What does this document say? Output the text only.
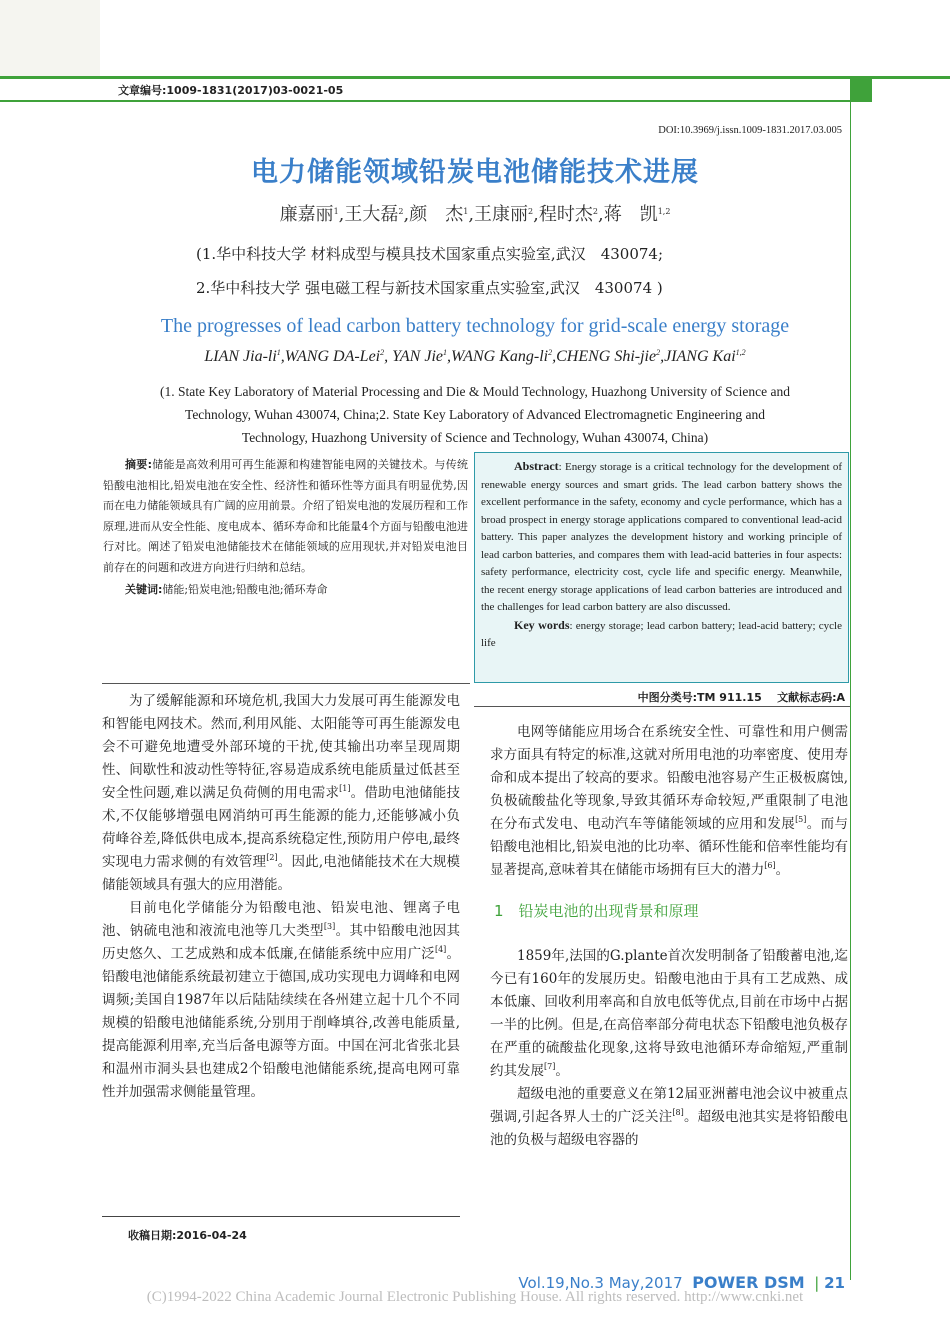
文章编号:1009-1831(2017)03-0021-05
DOI:10.3969/j.issn.1009-1831.2017.03.005
电力储能领域铅炭电池储能技术进展
廉嘉丽$^1$,王大磊$^2$,颜　杰$^1$,王康丽$^2$,程时杰$^2$,蒋　凯$^{1,2}$
(1.华中科技大学 材料成型与模具技术国家重点实验室,武汉　430074;
2.华中科技大学 强电磁工程与新技术国家重点实验室,武汉　430074 )
The progresses of lead carbon battery technology for grid-scale energy storage
LIAN Jia-$li^1,WANG$ DA-Lei$^2$, YAN Jie$^1$,WANG Kang-$li^2,CHENG$ Shi-jie$^2$,JIANG Kai$^{1,2}$
(1. State Key Laboratory of Material Processing and Die & Mould Technology, Huazhong University of Science and
Technology, Wuhan 430074, China;2. State Key Laboratory of Advanced Electromagnetic Engineering and
Technology, Huazhong University of Science and Technology, Wuhan 430074, China)
摘要:储能是高效利用可再生能源和构建智能电网的关键技术。与传统铅酸电池相比,铅炭电池在安全性、经济性和循环性等方面具有明显优势,因而在电力储能领域具有广阔的应用前景。介绍了铅炭电池的发展历程和工作原理,进而从安全性能、度电成本、循环寿命和比能量4个方面与铅酸电池进行对比。阐述了铅炭电池储能技术在储能领域的应用现状,并对铅炭电池目前存在的问题和改进方向进行归纳和总结。
关键词:储能;铅炭电池;铅酸电池;循环寿命
Abstract: Energy storage is a critical technology for the development of renewable energy sources and smart grids. The lead carbon battery shows the excellent performance in the safety, economy and cycle performance, which has a broad prospect in energy storage applications compared to conventional lead-acid battery. This paper analyzes the development history and working principle of lead carbon batteries, and compares them with lead-acid batteries in four aspects: safety performance, electricity cost, cycle life and specific energy. Meanwhile, the recent energy storage applications of lead carbon batteries are introduced and the challenges for lead carbon battery are also discussed.
Key words: energy storage; lead carbon battery; lead-acid battery; cycle life
中图分类号:TM 911.15 文献标志码:A

为了缓解能源和环境危机,我国大力发展可再生能源发电和智能电网技术。然而,利用风能、太阳能等可再生能源发电会不可避免地遭受外部环境的干扰,使其输出功率呈现周期性、间歇性和波动性等特征,容易造成系统电能质量过低甚至安全性问题,难以满足负荷侧的用电需求[1]。借助电池储能技术,不仅能够增强电网消纳可再生能源的能力,还能够减小负荷峰谷差,降低供电成本,提高系统稳定性,预防用户停电,最终实现电力需求侧的有效管理[2]。因此,电池储能技术在大规模储能领域具有强大的应用潜能。

目前电化学储能分为铅酸电池、铅炭电池、锂离子电池、钠硫电池和液流电池等几大类型[3]。其中铅酸电池因其历史悠久、工艺成熟和成本低廉,在储能系统中应用广泛[4]。铅酸电池储能系统最初建立于德国,成功实现电力调峰和电网调频;美国自1987年以后陆陆续续在各州建立起十几个不同规模的铅酸电池储能系统,分别用于削峰填谷,改善电能质量,提高能源利用率,充当后备电源等方面。中国在河北省张北县和温州市洞头县也建成2个铅酸电池储能系统,提高电网可靠性并加强需求侧能量管理。

收稿日期:2016-04-24

电网等储能应用场合在系统安全性、可靠性和用户侧需求方面具有特定的标准,这就对所用电池的功率密度、使用寿命和成本提出了较高的要求。铅酸电池容易产生正极板腐蚀,负极硫酸盐化等现象,导致其循环寿命较短,严重限制了电池在分布式发电、电动汽车等储能领域的应用和发展[5]。而与铅酸电池相比,铅炭电池的比功率、循环性能和倍率性能均有显著提高,意味着其在储能市场拥有巨大的潜力[6]。

1　铅炭电池的出现背景和原理

1859年,法国的G.plante首次发明制备了铅酸蓄电池,迄今已有160年的发展历史。铅酸电池由于具有工艺成熟、成本低廉、回收利用率高和自放电低等优点,目前在市场中占据一半的比例。但是,在高倍率部分荷电状态下铅酸电池负极存在严重的硫酸盐化现象,这将导致电池循环寿命缩短,严重制约其发展[7]。

超级电池的重要意义在第12届亚洲蓄电池会议中被重点强调,引起各界人士的广泛关注[8]。超级电池其实是将铅酸电池的负极与超级电容器的

Vol.19,No.3 May,2017 POWER DSM | 21
(C)1994-2022 China Academic Journal Electronic Publishing House. All rights reserved. http://www.cnki.net
